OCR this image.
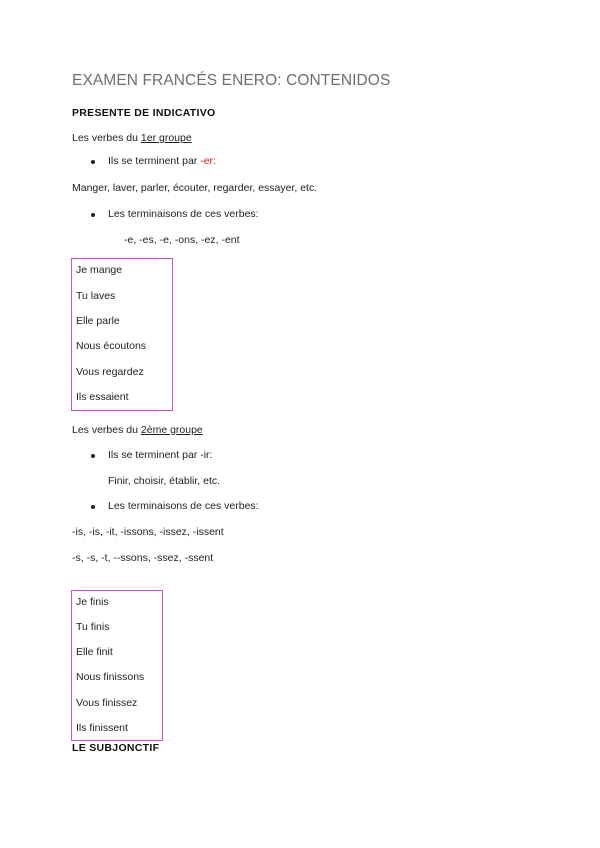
EXAMEN FRANCÉS ENERO: CONTENIDOS
PRESENTE DE INDICATIVO
Les verbes du 1er groupe
Ils se terminent par -er:
Manger, laver, parler, écouter, regarder, essayer, etc.
Les terminaisons de ces verbes:
-e, -es, -e, -ons, -ez, -ent
Je mange
Tu laves
Elle parle
Nous écoutons
Vous regardez
Ils essaient
Les verbes du 2ème groupe
Ils se terminent par -ir:
Finir, choisir, établir, etc.
Les terminaisons de ces verbes:
-is, -is, -it, -issons, -issez, -issent
-s, -s, -t, --ssons, -ssez, -ssent
Je finis
Tu finis
Elle finit
Nous finissons
Vous finissez
Ils finissent
LE SUBJONCTIF
